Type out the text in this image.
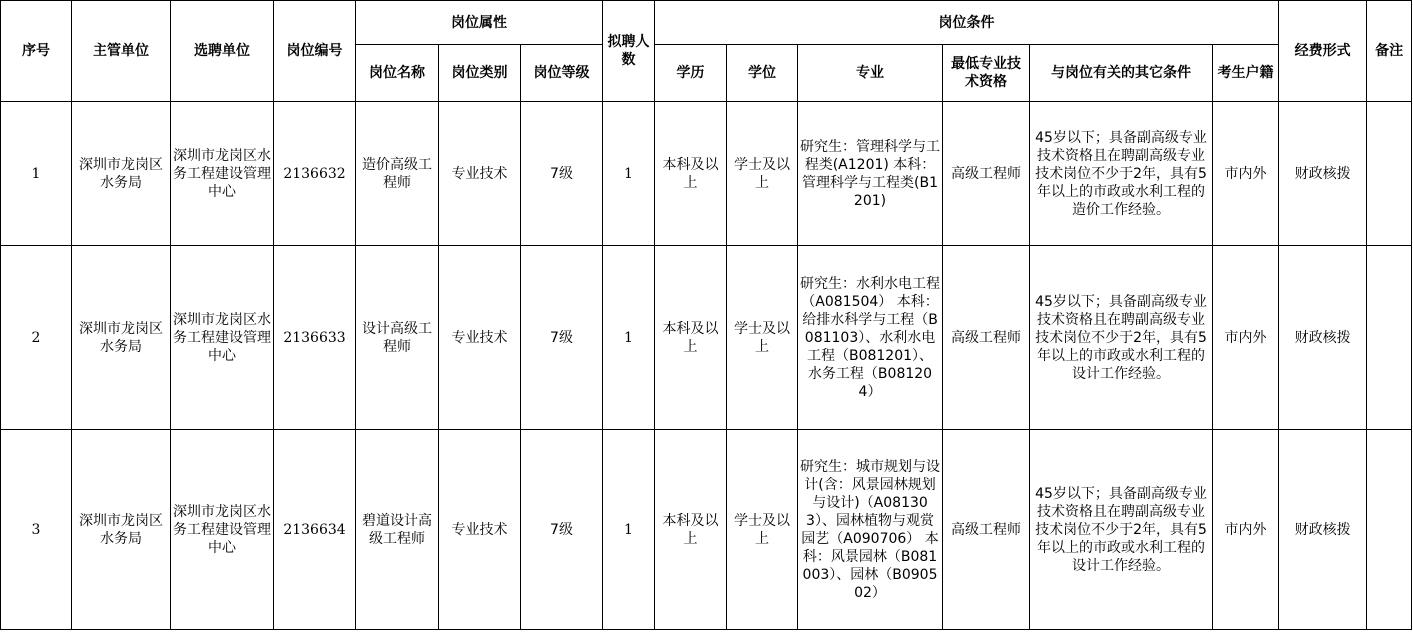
序号	主管单位	选聘单位	岗位编号	岗位属性			拟聘人数	岗位条件						经费形式	备注
				岗位名称	岗位类别	岗位等级		学历	学位	专业	最低专业技术资格	与岗位有关的其它条件	考生户籍		
1	深圳市龙岗区水务局	深圳市龙岗区水务工程建设管理中心	2136632	造价高级工程师	专业技术	7级	1	本科及以上	学士及以上	研究生：管理科学与工程类(A1201) 本科：管理科学与工程类(B1201)	高级工程师	45岁以下；具备副高级专业技术资格且在聘副高级专业技术岗位不少于2年，具有5年以上的市政或水利工程的造价工作经验。	市内外	财政核拨	
2	深圳市龙岗区水务局	深圳市龙岗区水务工程建设管理中心	2136633	设计高级工程师	专业技术	7级	1	本科及以上	学士及以上	研究生：水利水电工程（A081504） 本科：给排水科学与工程（B081103）、水利水电工程（B081201）、水务工程（B081204）	高级工程师	45岁以下；具备副高级专业技术资格且在聘副高级专业技术岗位不少于2年，具有5年以上的市政或水利工程的设计工作经验。	市内外	财政核拨	
3	深圳市龙岗区水务局	深圳市龙岗区水务工程建设管理中心	2136634	碧道设计高级工程师	专业技术	7级	1	本科及以上	学士及以上	研究生：城市规划与设计(含：风景园林规划与设计)（A081303）、园林植物与观赏园艺（A090706） 本科：风景园林（B081003）、园林（B090502）	高级工程师	45岁以下；具备副高级专业技术资格且在聘副高级专业技术岗位不少于2年，具有5年以上的市政或水利工程的设计工作经验。	市内外	财政核拨	
